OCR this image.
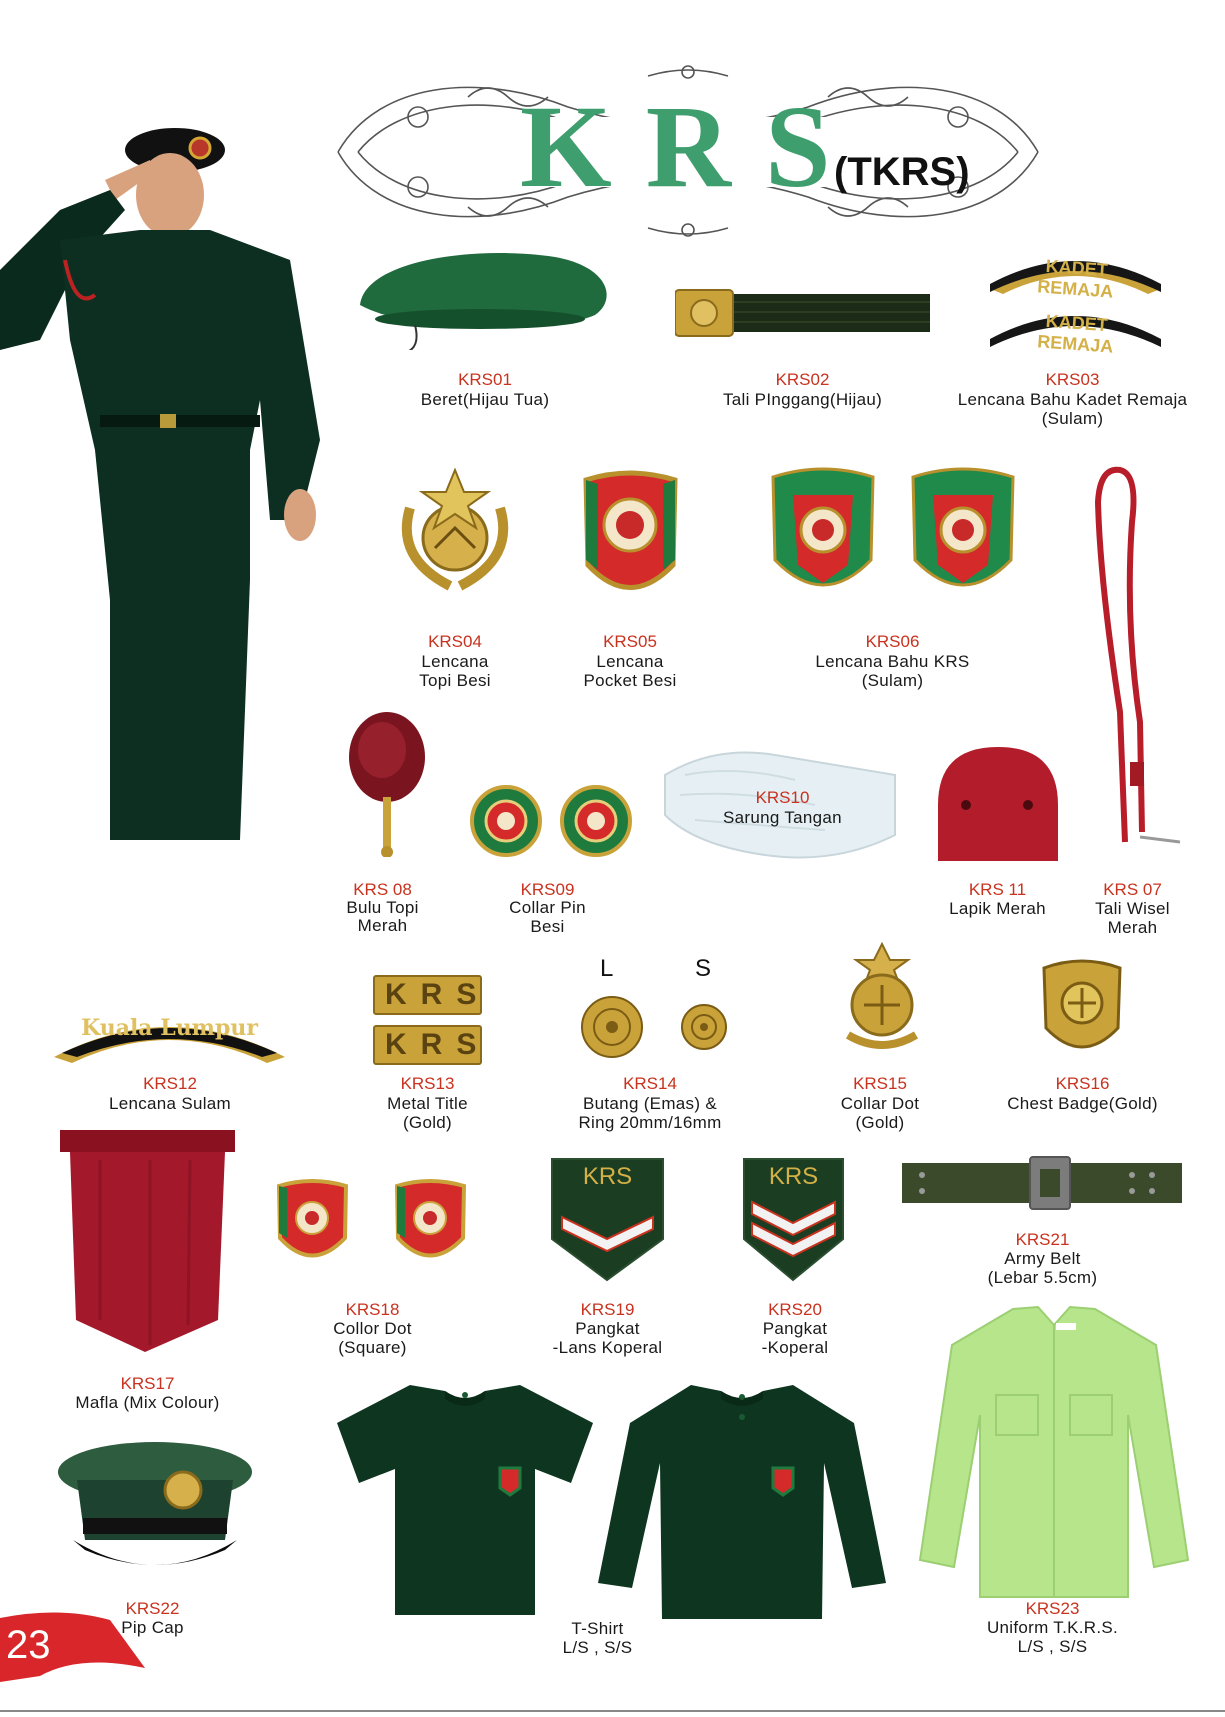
KRS
(TKRS)
KRS01
Beret(Hijau Tua)
KRS02
Tali PInggang(Hijau)
KADET REMAJA
KADET REMAJA
KRS03
Lencana Bahu Kadet Remaja
(Sulam)
KRS04
Lencana
Topi Besi
KRS05
Lencana
Pocket Besi
KRS06
Lencana Bahu KRS
(Sulam)
KRS 08
Bulu Topi
Merah
KRS09
Collar Pin
Besi
KRS10
Sarung Tangan
KRS 11
Lapik Merah
KRS 07
Tali Wisel
Merah
Kuala Lumpur
KRS12
Lencana Sulam
KRS
KRS
KRS13
Metal Title
(Gold)
L	S
KRS14
Butang (Emas) &
Ring 20mm/16mm
KRS15
Collar Dot
(Gold)
KRS16
Chest Badge(Gold)
KRS17
Mafla (Mix Colour)
KRS18
Collor Dot
(Square)
KRS
KRS19
Pangkat
-Lans Koperal
KRS
KRS20
Pangkat
-Koperal
KRS21
Army Belt
(Lebar 5.5cm)
KRS22
Pip Cap	T-Shirt
L/S , S/S
KRS23
Uniform T.K.R.S.
L/S , S/S
23
